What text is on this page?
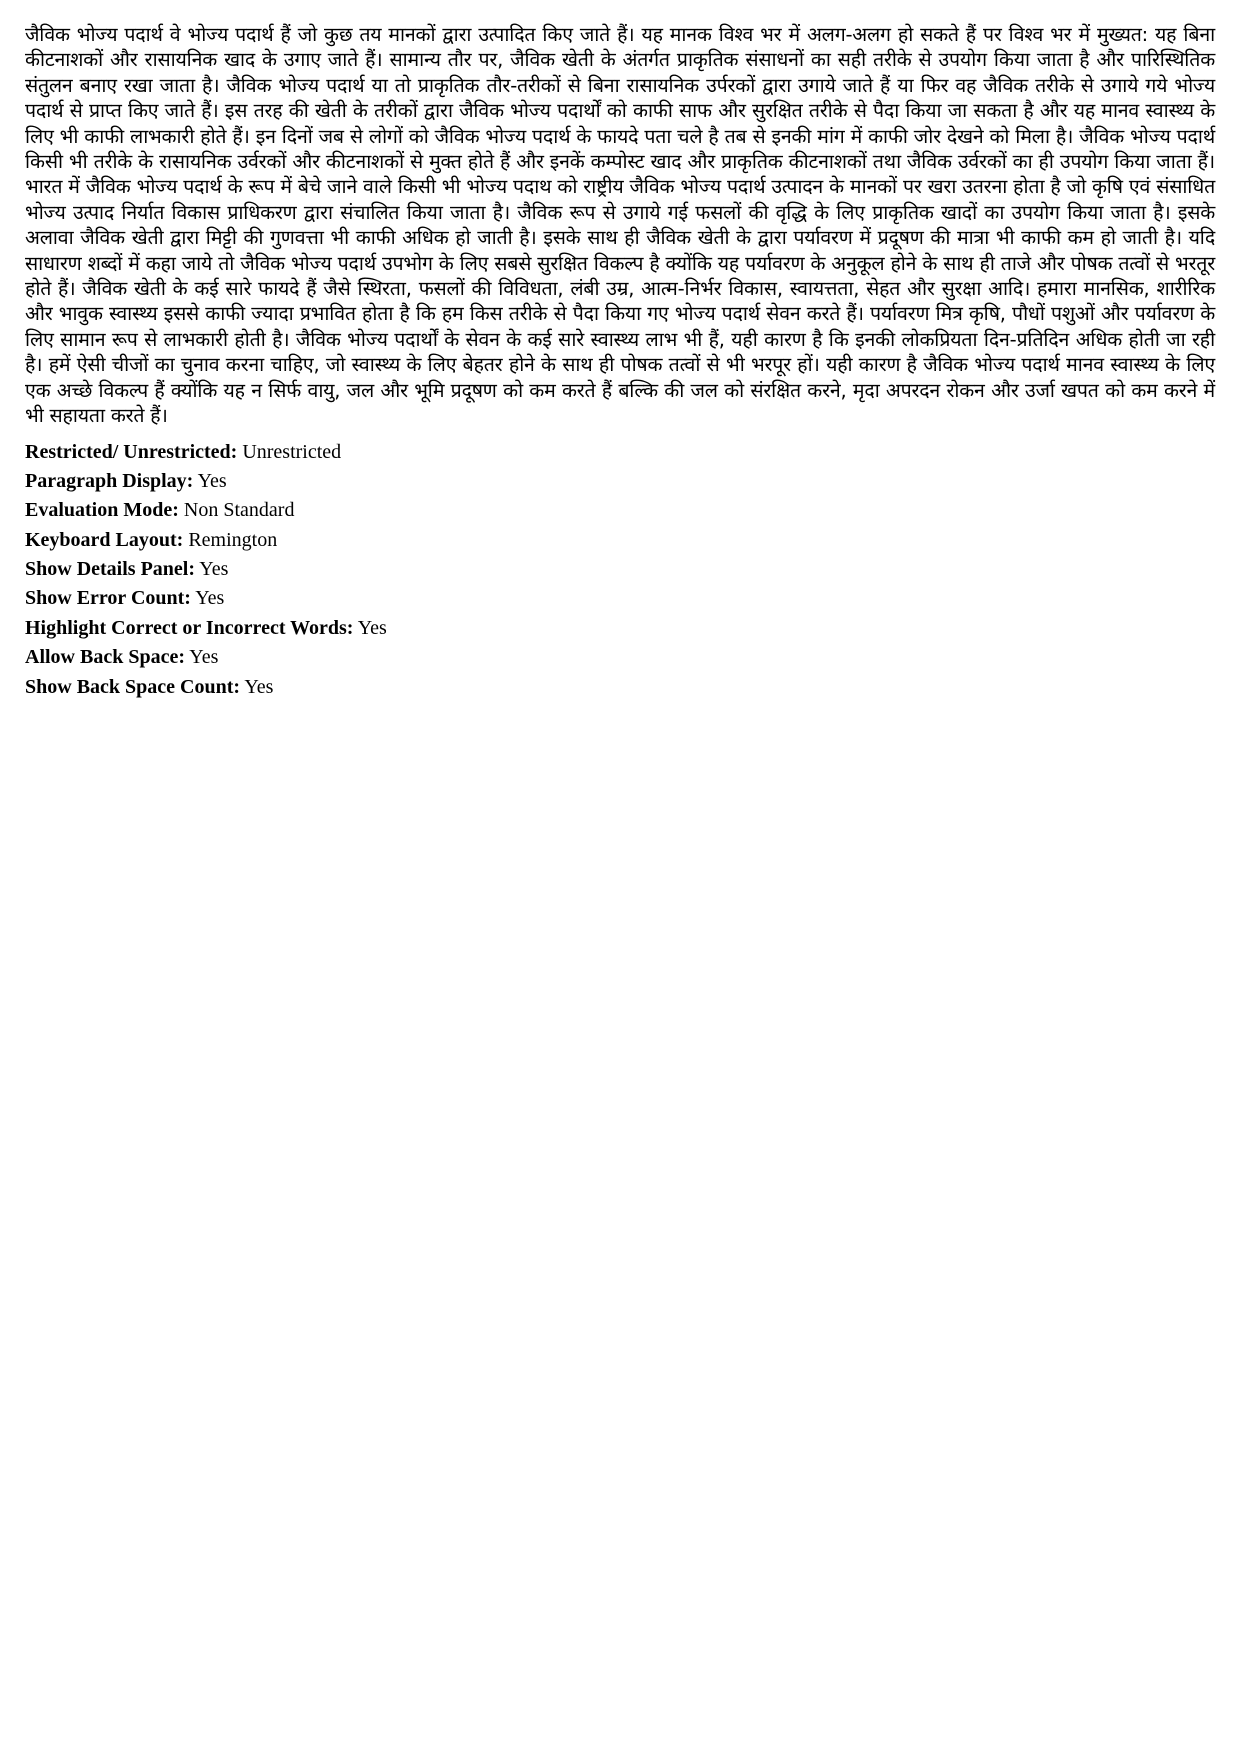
जैविक भोज्य पदार्थ वे भोज्य पदार्थ हैं जो कुछ तय मानकों द्वारा उत्पादित किए जाते हैं। यह मानक विश्व भर में अलग-अलग हो सकते हैं पर विश्व भर में मुख्यत: यह बिना कीटनाशकों और रासायनिक खाद के उगाए जाते हैं। सामान्य तौर पर, जैविक खेती के अंतर्गत प्राकृतिक संसाधनों का सही तरीके से उपयोग किया जाता है और पारिस्थितिक संतुलन बनाए रखा जाता है। जैविक भोज्य पदार्थ या तो प्राकृतिक तौर-तरीकों से बिना रासायनिक उर्परकों द्वारा उगाये जाते हैं या फिर वह जैविक तरीके से उगाये गये भोज्य पदार्थ से प्राप्त किए जाते हैं। इस तरह की खेती के तरीकों द्वारा जैविक भोज्य पदार्थों को काफी साफ और सुरक्षित तरीके से पैदा किया जा सकता है और यह मानव स्वास्थ्य के लिए भी काफी लाभकारी होते हैं। इन दिनों जब से लोगों को जैविक भोज्य पदार्थ के फायदे पता चले है तब से इनकी मांग में काफी जोर देखने को मिला है। जैविक भोज्य पदार्थ किसी भी तरीके के रासायनिक उर्वरकों और कीटनाशकों से मुक्त होते हैं और इनकें कम्पोस्ट खाद और प्राकृतिक कीटनाशकों तथा जैविक उर्वरकों का ही उपयोग किया जाता हैं। भारत में जैविक भोज्य पदार्थ के रूप में बेचे जाने वाले किसी भी भोज्य पदाथ को राष्ट्रीय जैविक भोज्य पदार्थ उत्पादन के मानकों पर खरा उतरना होता है जो कृषि एवं संसाधित भोज्य उत्पाद निर्यात विकास प्राधिकरण द्वारा संचालित किया जाता है। जैविक रूप से उगाये गई फसलों की वृद्धि के लिए प्राकृतिक खादों का उपयोग किया जाता है। इसके अलावा जैविक खेती द्वारा मिट्टी की गुणवत्ता भी काफी अधिक हो जाती है। इसके साथ ही जैविक खेती के द्वारा पर्यावरण में प्रदूषण की मात्रा भी काफी कम हो जाती है। यदि साधारण शब्दों में कहा जाये तो जैविक भोज्य पदार्थ उपभोग के लिए सबसे सुरक्षित विकल्प है क्योंकि यह पर्यावरण के अनुकूल होने के साथ ही ताजे और पोषक तत्वों से भरतूर होते हैं। जैविक खेती के कई सारे फायदे हैं जैसे स्थिरता, फसलों की विविधता, लंबी उम्र, आत्म-निर्भर विकास, स्वायत्तता, सेहत और सुरक्षा आदि। हमारा मानसिक, शारीरिक और भावुक स्वास्थ्य इससे काफी ज्यादा प्रभावित होता है कि हम किस तरीके से पैदा किया गए भोज्य पदार्थ सेवन करते हैं। पर्यावरण मित्र कृषि, पौधों पशुओं और पर्यावरण के लिए सामान रूप से लाभकारी होती है। जैविक भोज्य पदार्थों के सेवन के कई सारे स्वास्थ्य लाभ भी हैं, यही कारण है कि इनकी लोकप्रियता दिन-प्रतिदिन अधिक होती जा रही है। हमें ऐसी चीजों का चुनाव करना चाहिए, जो स्वास्थ्य के लिए बेहतर होने के साथ ही पोषक तत्वों से भी भरपूर हों। यही कारण है जैविक भोज्य पदार्थ मानव स्वास्थ्य के लिए एक अच्छे विकल्प हैं क्योंकि यह न सिर्फ वायु, जल और भूमि प्रदूषण को कम करते हैं बल्कि की जल को संरक्षित करने, मृदा अपरदन रोकन और उर्जा खपत को कम करने में भी सहायता करते हैं।

Restricted/ Unrestricted: Unrestricted
Paragraph Display: Yes
Evaluation Mode: Non Standard
Keyboard Layout: Remington
Show Details Panel: Yes
Show Error Count: Yes
Highlight Correct or Incorrect Words: Yes
Allow Back Space: Yes
Show Back Space Count: Yes
